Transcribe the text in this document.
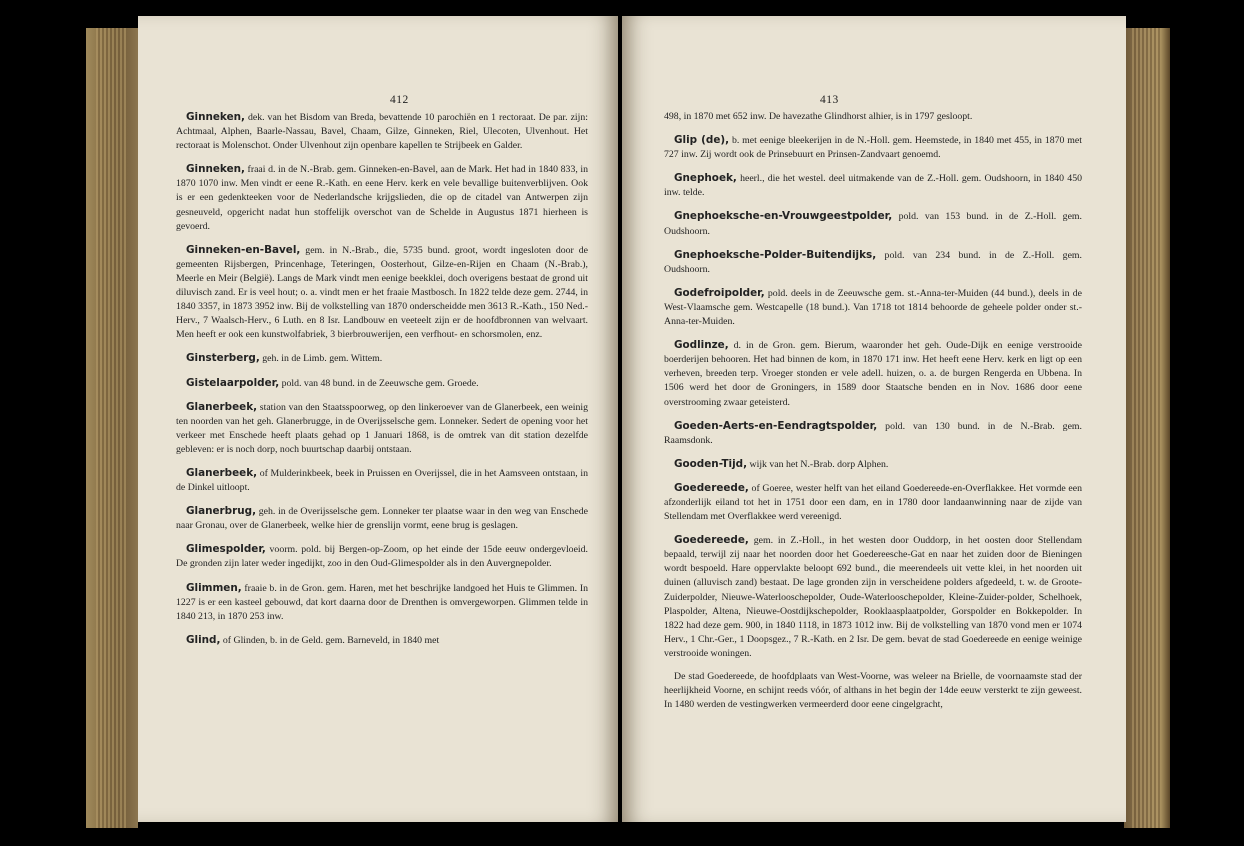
412

Ginneken, dek. van het Bisdom van Breda, bevattende 10 parochiën en 1 rectoraat. De par. zijn: Achtmaal, Alphen, Baarle-Nassau, Bavel, Chaam, Gilze, Ginneken, Riel, Ulecoten, Ulvenhout. Het rectoraat is Molenschot. Onder Ulvenhout zijn openbare kapellen te Strijbeek en Galder.

Ginneken, fraai d. in de N.-Brab. gem. Ginneken-en-Bavel, aan de Mark. Het had in 1840 833, in 1870 1070 inw. Men vindt er eene R.-Kath. en eene Herv. kerk en vele bevallige buitenverblijven. Ook is er een gedenkteeken voor de Nederlandsche krijgslieden, die op de citadel van Antwerpen zijn gesneuveld, opgericht nadat hun stoffelijk overschot van de Schelde in Augustus 1871 hierheen is gevoerd.

Ginneken-en-Bavel, gem. in N.-Brab., die, 5735 bund. groot, wordt ingesloten door de gemeenten Rijsbergen, Princenhage, Teteringen, Oosterhout, Gilze-en-Rijen en Chaam (N.-Brab.), Meerle en Meir (België). Langs de Mark vindt men eenige beekklei, doch overigens bestaat de grond uit diluvisch zand. Er is veel hout; o. a. vindt men er het fraaie Mastbosch. In 1822 telde deze gem. 2744, in 1840 3357, in 1873 3952 inw. Bij de volkstelling van 1870 onderscheidde men 3613 R.-Kath., 150 Ned.-Herv., 7 Waalsch-Herv., 6 Luth. en 8 Isr. Landbouw en veeteelt zijn er de hoofdbronnen van welvaart. Men heeft er ook een kunstwolfabriek, 3 bierbrouwerijen, een verfhout- en schorsmolen, enz.

Ginsterberg, geh. in de Limb. gem. Wittem.

Gistelaarpolder, pold. van 48 bund. in de Zeeuwsche gem. Groede.

Glanerbeek, station van den Staatsspoorweg, op den linkeroever van de Glanerbeek, een weinig ten noorden van het geh. Glanerbrugge, in de Overijsselsche gem. Lonneker. Sedert de opening voor het verkeer met Enschede heeft plaats gehad op 1 Januari 1868, is de omtrek van dit station dezelfde gebleven: er is noch dorp, noch buurtschap daarbij ontstaan.

Glanerbeek, of Mulderinkbeek, beek in Pruissen en Overijssel, die in het Aamsveen ontstaan, in de Dinkel uitloopt.

Glanerbrug, geh. in de Overijsselsche gem. Lonneker ter plaatse waar in den weg van Enschede naar Gronau, over de Glanerbeek, welke hier de grenslijn vormt, eene brug is geslagen.

Glimespolder, voorm. pold. bij Bergen-op-Zoom, op het einde der 15de eeuw ondergevloeid. De gronden zijn later weder ingedijkt, zoo in den Oud-Glimespolder als in den Auvergnepolder.

Glimmen, fraaie b. in de Gron. gem. Haren, met het beschrijke landgoed het Huis te Glimmen. In 1227 is er een kasteel gebouwd, dat kort daarna door de Drenthen is omvergeworpen. Glimmen telde in 1840 213, in 1870 253 inw.

Glind, of Glinden, b. in de Geld. gem. Barneveld, in 1840 met

413

498, in 1870 met 652 inw. De havezathe Glindhorst alhier, is in 1797 gesloopt.

Glip (de), b. met eenige bleekerijen in de N.-Holl. gem. Heemstede, in 1840 met 455, in 1870 met 727 inw. Zij wordt ook de Prinsebuurt en Prinsen-Zandvaart genoemd.

Gnephoek, heerl., die het westel. deel uitmakende van de Z.-Holl. gem. Oudshoorn, in 1840 450 inw. telde.

Gnephoeksche-en-Vrouwgeestpolder, pold. van 153 bund. in de Z.-Holl. gem. Oudshoorn.

Gnephoeksche-Polder-Buitendijks, pold. van 234 bund. in de Z.-Holl. gem. Oudshoorn.

Godefroipolder, pold. deels in de Zeeuwsche gem. st.-Anna-ter-Muiden (44 bund.), deels in de West-Vlaamsche gem. Westcapelle (18 bund.). Van 1718 tot 1814 behoorde de geheele polder onder st.-Anna-ter-Muiden.

Godlinze, d. in de Gron. gem. Bierum, waaronder het geh. Oude-Dijk en eenige verstrooide boerderijen behooren. Het had binnen de kom, in 1870 171 inw. Het heeft eene Herv. kerk en ligt op een verheven, breeden terp. Vroeger stonden er vele adell. huizen, o. a. de burgen Rengerda en Ubbena. In 1506 werd het door de Groningers, in 1589 door Staatsche benden en in Nov. 1686 door eene overstrooming zwaar geteisterd.

Goeden-Aerts-en-Eendragtspolder, pold. van 130 bund. in de N.-Brab. gem. Raamsdonk.

Gooden-Tijd, wijk van het N.-Brab. dorp Alphen.

Goedereede, of Goeree, wester helft van het eiland Goedereede-en-Overflakkee. Het vormde een afzonderlijk eiland tot het in 1751 door een dam, en in 1780 door landaanwinning naar de zijde van Stellendam met Overflakkee werd vereenigd.

Goedereede, gem. in Z.-Holl., in het westen door Ouddorp, in het oosten door Stellendam bepaald, terwijl zij naar het noorden door het Goedereesche-Gat en naar het zuiden door de Bieningen wordt bespoeld. Hare oppervlakte beloopt 692 bund., die meerendeels uit vette klei, in het noorden uit duinen (alluvisch zand) bestaat. De lage gronden zijn in verscheidene polders afgedeeld, t. w. de Groote-Zuiderpolder, Nieuwe-Waterlooschepolder, Oude-Waterlooschepolder, Kleine-Zuider-polder, Schelhoek, Plaspolder, Altena, Nieuwe-Oostdijkschepolder, Rooklaasplaatpolder, Gorspolder en Bokkepolder. In 1822 had deze gem. 900, in 1840 1118, in 1873 1012 inw. Bij de volkstelling van 1870 vond men er 1074 Herv., 1 Chr.-Ger., 1 Doopsgez., 7 R.-Kath. en 2 Isr. De gem. bevat de stad Goedereede en eenige weinige verstrooide woningen.

De stad Goedereede, de hoofdplaats van West-Voorne, was weleer na Brielle, de voornaamste stad der heerlijkheid Voorne, en schijnt reeds vóór, of althans in het begin der 14de eeuw versterkt te zijn geweest. In 1480 werden de vestingwerken vermeerderd door eene cingelgracht,
